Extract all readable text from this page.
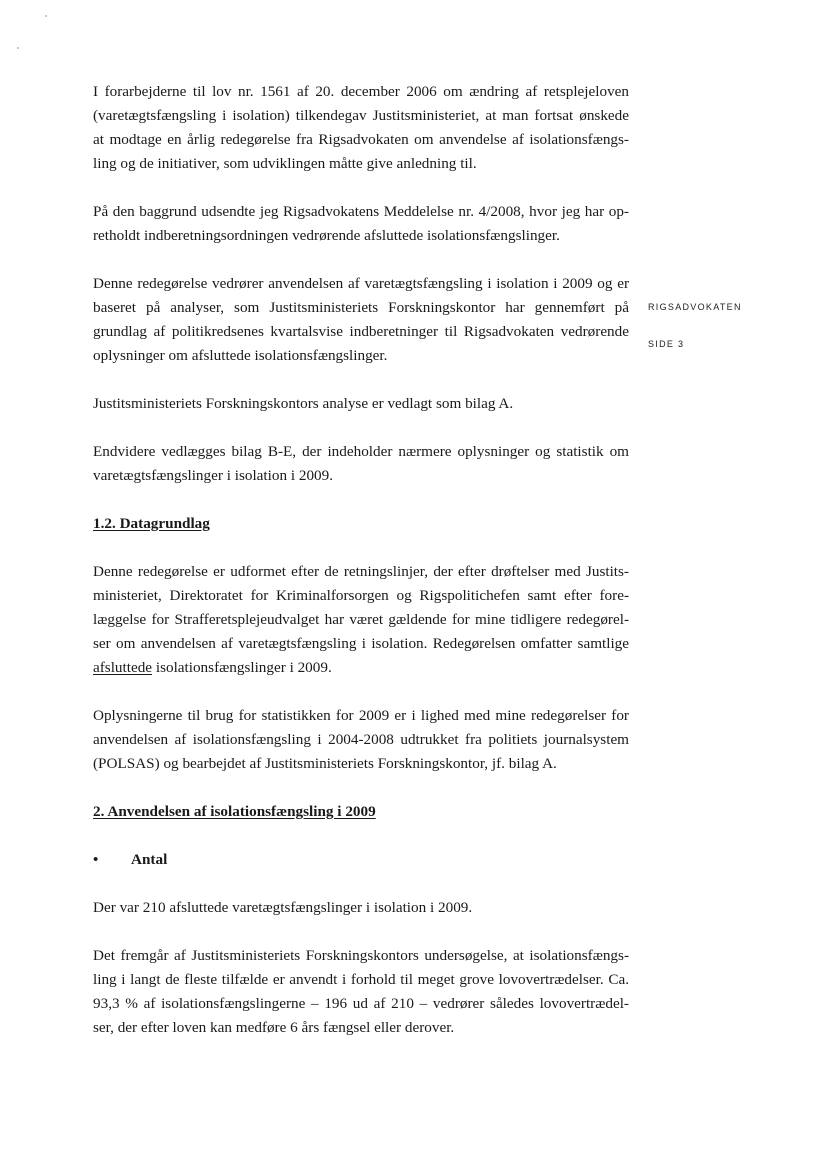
RIGSADVOKATEN
SIDE 3
I forarbejderne til lov nr. 1561 af 20. december 2006 om ændring af retsplejeloven
(varetægtsfængsling i isolation) tilkendegav Justitsministeriet, at man fortsat ønskede
at modtage en årlig redegørelse fra Rigsadvokaten om anvendelse af isolationsfængs-
ling og de initiativer, som udviklingen måtte give anledning til.
På den baggrund udsendte jeg Rigsadvokatens Meddelelse nr. 4/2008, hvor jeg har op-
retholdt indberetningsordningen vedrørende afsluttede isolationsfængslinger.
Denne redegørelse vedrører anvendelsen af varetægtsfængsling i isolation i 2009 og er
baseret på analyser, som Justitsministeriets Forskningskontor har gennemført på
grundlag af politikredsenes kvartalsvise indberetninger til Rigsadvokaten vedrørende
oplysninger om afsluttede isolationsfængslinger.
Justitsministeriets Forskningskontors analyse er vedlagt som bilag A.
Endvidere vedlægges bilag B-E, der indeholder nærmere oplysninger og statistik om
varetægtsfængslinger i isolation i 2009.

1.2. Datagrundlag

Denne redegørelse er udformet efter de retningslinjer, der efter drøftelser med Justits-
ministeriet, Direktoratet for Kriminalforsorgen og Rigspolitichefen samt efter fore-
læggelse for Strafferetsplejeudvalget har været gældende for mine tidligere redegørel-
ser om anvendelsen af varetægtsfængsling i isolation. Redegørelsen omfatter samtlige
afsluttede isolationsfængslinger i 2009.
Oplysningerne til brug for statistikken for 2009 er i lighed med mine redegørelser for
anvendelsen af isolationsfængsling i 2004-2008 udtrukket fra politiets journalsystem
(POLSAS) og bearbejdet af Justitsministeriets Forskningskontor, jf. bilag A.

2. Anvendelsen af isolationsfængsling i 2009

•	Antal
Der var 210 afsluttede varetægtsfængslinger i isolation i 2009.
Det fremgår af Justitsministeriets Forskningskontors undersøgelse, at isolationsfængs-
ling i langt de fleste tilfælde er anvendt i forhold til meget grove lovovertrædelser. Ca.
93,3 % af isolationsfængslingerne – 196 ud af 210 – vedrører således lovovertrædel-
ser, der efter loven kan medføre 6 års fængsel eller derover.
